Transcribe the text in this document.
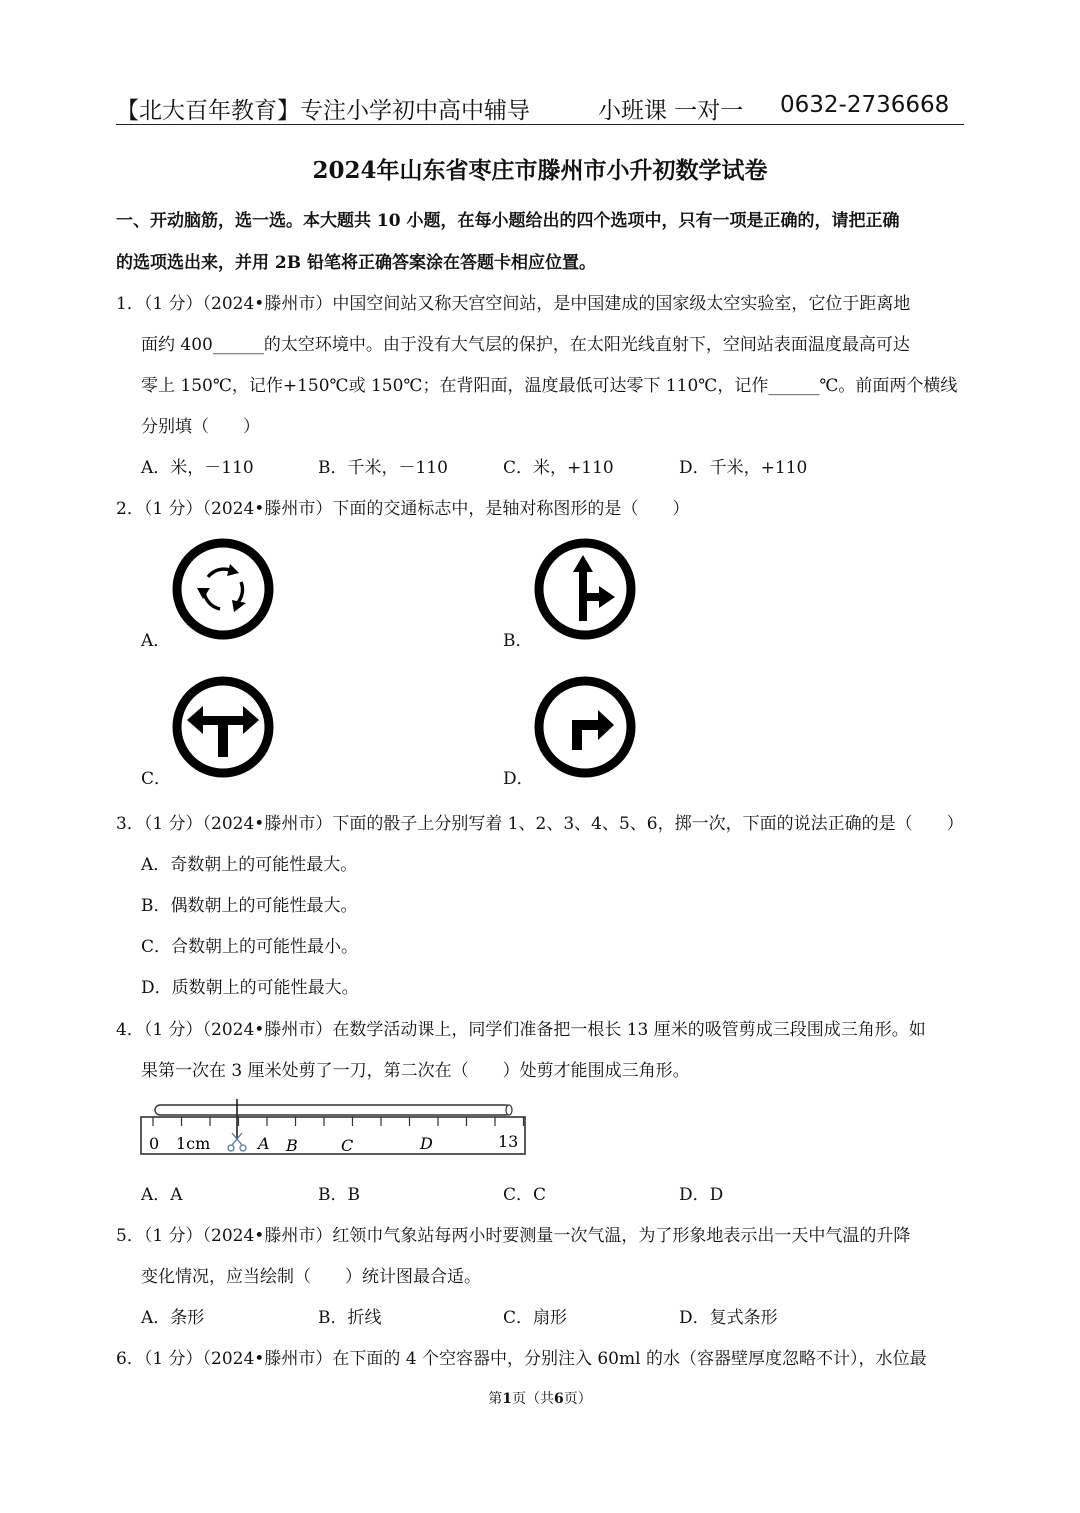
【北大百年教育】专注小学初中高中辅导	小班课 一对一 0632-2736668
2024年山东省枣庄市滕州市小升初数学试卷
一、开动脑筋，选一选。本大题共 10 小题，在每小题给出的四个选项中，只有一项是正确的，请把正确
的选项选出来，并用 2B 铅笔将正确答案涂在答题卡相应位置。
1．（1 分）（2024•滕州市）中国空间站又称天宫空间站，是中国建成的国家级太空实验室，它位于距离地
面约 400______的太空环境中。由于没有大气层的保护，在太阳光线直射下，空间站表面温度最高可达
零上 150℃，记作+150℃或 150℃；在背阳面，温度最低可达零下 110℃，记作______℃。前面两个横线
分别填（　　）
A．米，－110	B．千米，－110	C．米，+110	D．千米，+110
2．（1 分）（2024•滕州市）下面的交通标志中，是轴对称图形的是（　　）
A．	B．
C．	D．
3．（1 分）（2024•滕州市）下面的骰子上分别写着 1、2、3、4、5、6，掷一次，下面的说法正确的是（　　）
A．奇数朝上的可能性最大。
B．偶数朝上的可能性最大。
C．合数朝上的可能性最小。
D．质数朝上的可能性最大。
4．（1 分）（2024•滕州市）在数学活动课上，同学们准备把一根长 13 厘米的吸管剪成三段围成三角形。如
果第一次在 3 厘米处剪了一刀，第二次在（　　）处剪才能围成三角形。
0 1cm	A B	C	D	13
A．A	B．B	C．C	D．D
5．（1 分）（2024•滕州市）红领巾气象站每两小时要测量一次气温，为了形象地表示出一天中气温的升降
变化情况，应当绘制（　　）统计图最合适。
A．条形	B．折线	C．扇形	D．复式条形
6．（1 分）（2024•滕州市）在下面的 4 个空容器中，分别注入 60ml 的水（容器壁厚度忽略不计），水位最
第1页（共6页）
